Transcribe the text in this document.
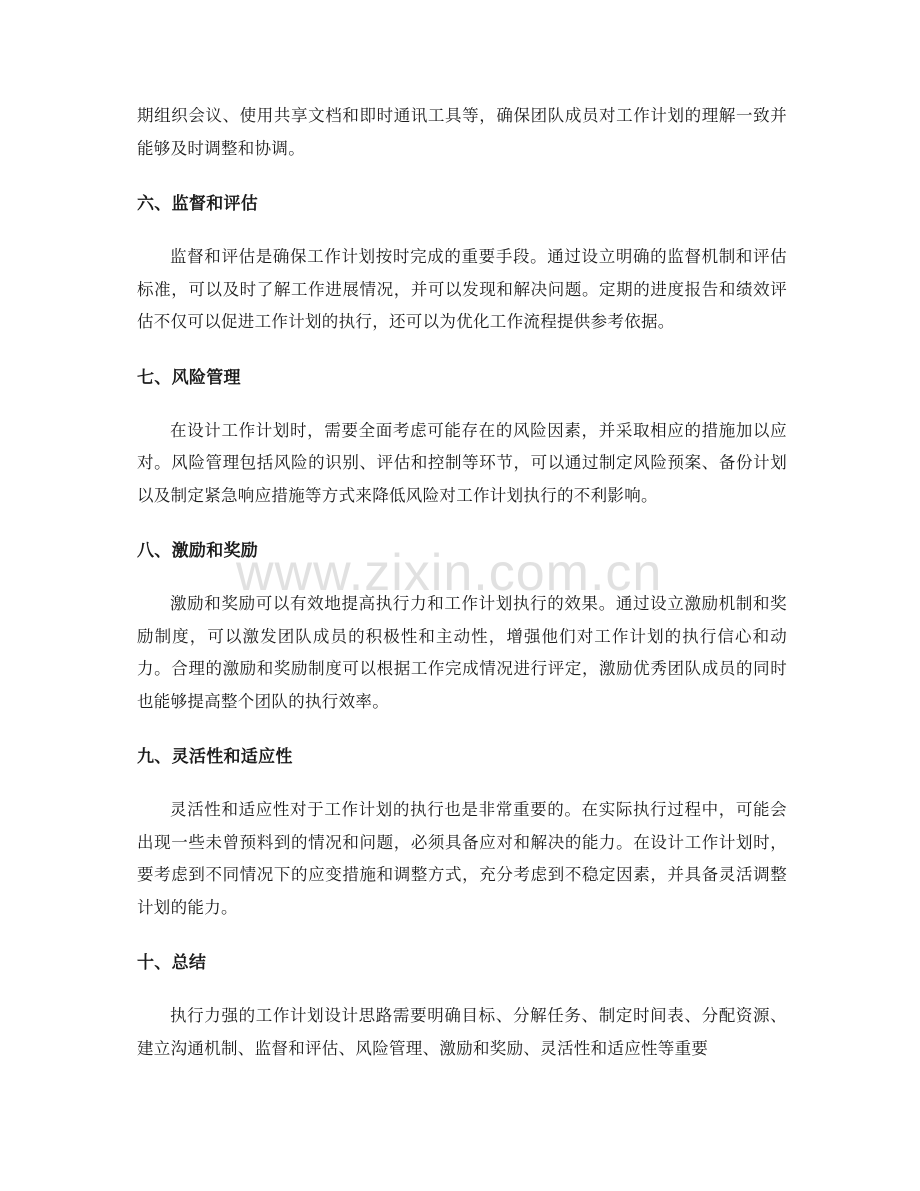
期组织会议、使用共享文档和即时通讯工具等，确保团队成员对工作计划的理解一致并能够及时调整和协调。

六、监督和评估

监督和评估是确保工作计划按时完成的重要手段。通过设立明确的监督机制和评估标准，可以及时了解工作进展情况，并可以发现和解决问题。定期的进度报告和绩效评估不仅可以促进工作计划的执行，还可以为优化工作流程提供参考依据。

七、风险管理

在设计工作计划时，需要全面考虑可能存在的风险因素，并采取相应的措施加以应对。风险管理包括风险的识别、评估和控制等环节，可以通过制定风险预案、备份计划以及制定紧急响应措施等方式来降低风险对工作计划执行的不利影响。

八、激励和奖励

激励和奖励可以有效地提高执行力和工作计划执行的效果。通过设立激励机制和奖励制度，可以激发团队成员的积极性和主动性，增强他们对工作计划的执行信心和动力。合理的激励和奖励制度可以根据工作完成情况进行评定，激励优秀团队成员的同时也能够提高整个团队的执行效率。

九、灵活性和适应性

灵活性和适应性对于工作计划的执行也是非常重要的。在实际执行过程中，可能会出现一些未曾预料到的情况和问题，必须具备应对和解决的能力。在设计工作计划时，要考虑到不同情况下的应变措施和调整方式，充分考虑到不稳定因素，并具备灵活调整计划的能力。

十、总结

执行力强的工作计划设计思路需要明确目标、分解任务、制定时间表、分配资源、建立沟通机制、监督和评估、风险管理、激励和奖励、灵活性和适应性等重要

www.zixin.com.cn
